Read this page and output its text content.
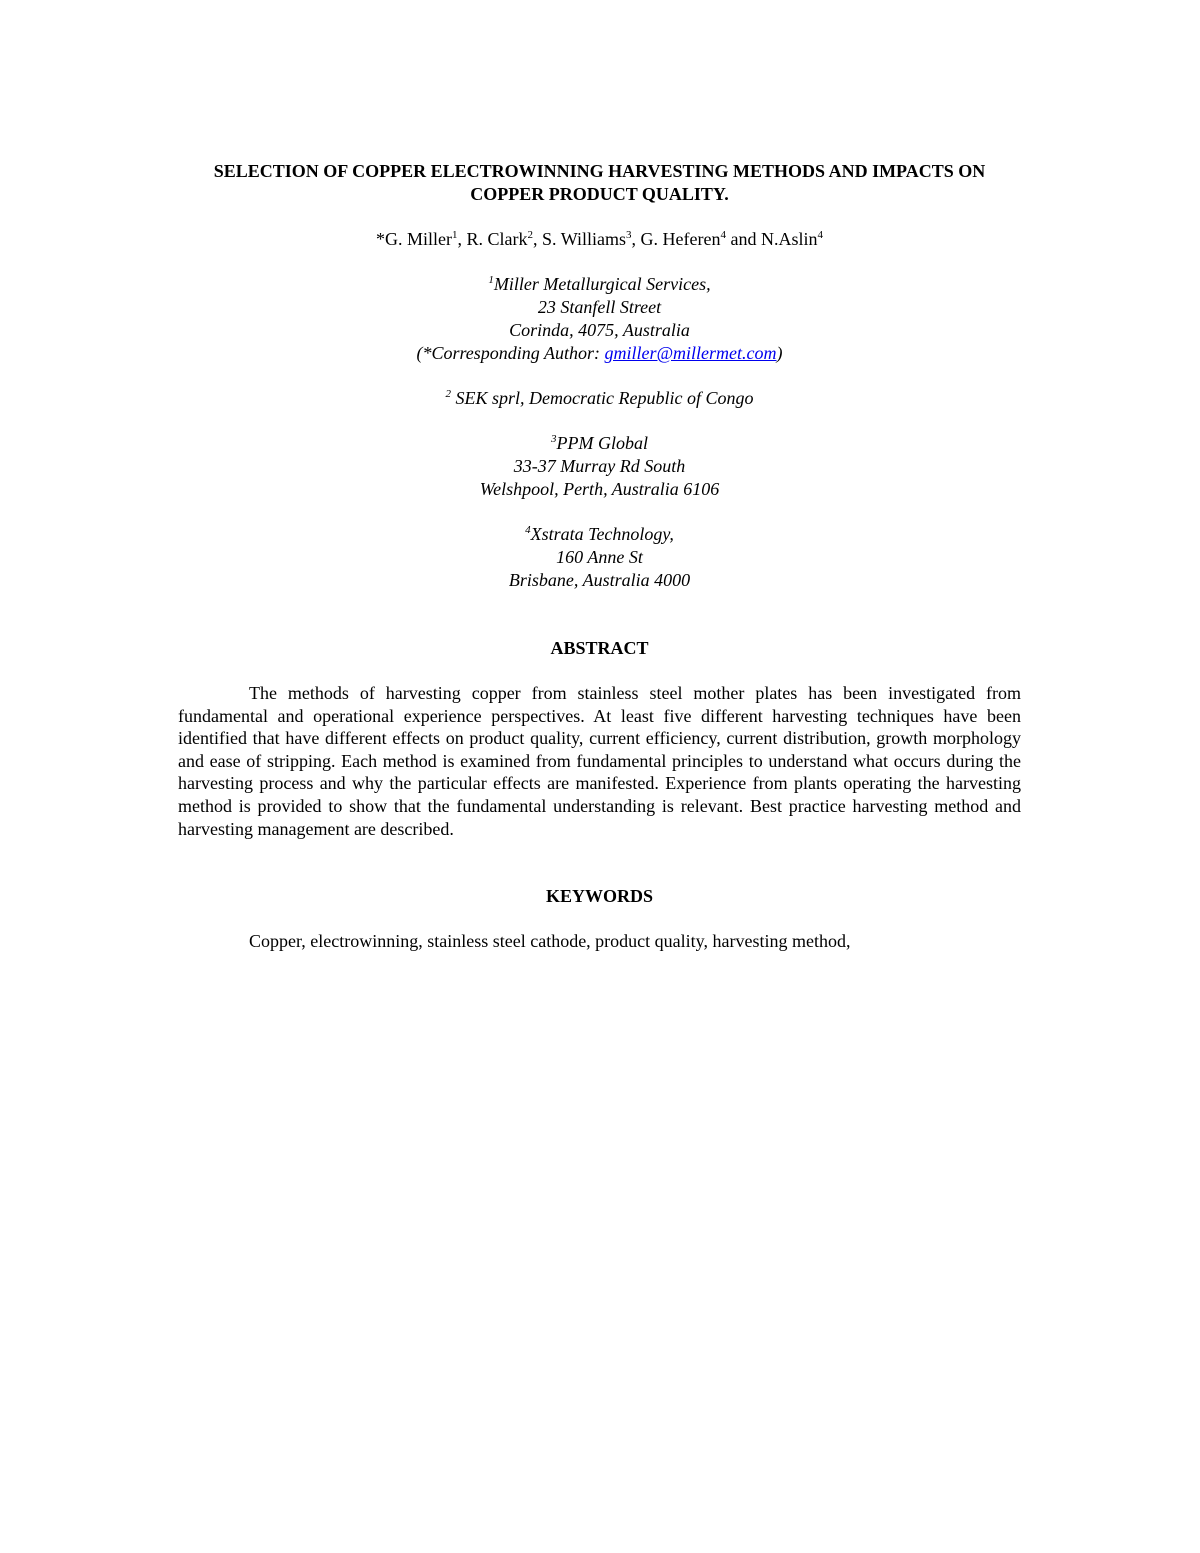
SELECTION OF COPPER ELECTROWINNING HARVESTING METHODS AND IMPACTS ON
COPPER PRODUCT QUALITY.
*G. Miller$^1$, R. Clark$^2$, S. Williams$^3$, G. Heferen$^4$ and N.Aslin$^4$
$^1$Miller Metallurgical Services,
23 Stanfell Street
Corinda, 4075, Australia
(*Corresponding Author: gmiller@millermet.com)
$^2$ SEK sprl, Democratic Republic of Congo
$^3$PPM Global
33-37 Murray Rd South
Welshpool, Perth, Australia 6106
$^4$Xstrata Technology,
160 Anne St
Brisbane, Australia 4000
ABSTRACT

The methods of harvesting copper from stainless steel mother plates has been investigated from fundamental and operational experience perspectives. At least five different harvesting techniques have been identified that have different effects on product quality, current efficiency, current distribution, growth morphology and ease of stripping. Each method is examined from fundamental principles to understand what occurs during the harvesting process and why the particular effects are manifested. Experience from plants operating the harvesting method is provided to show that the fundamental understanding is relevant. Best practice harvesting method and harvesting management are described.

KEYWORDS
Copper, electrowinning, stainless steel cathode, product quality, harvesting method,
